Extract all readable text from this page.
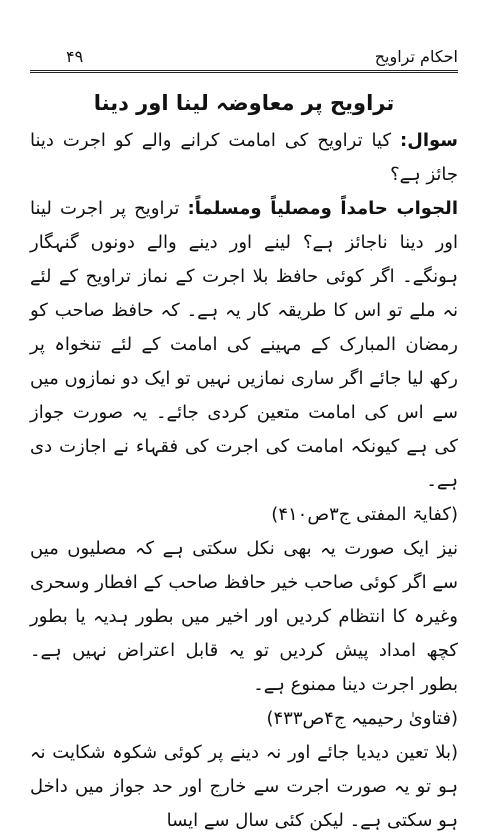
۴۹	احکام تراویح
تراویح پر معاوضہ لینا اور دینا

سوال: کیا تراویح کی امامت کرانے والے کو اجرت دینا جائز ہے؟

الجواب حامداً ومصلیاً ومسلماً: تراویح پر اجرت لینا اور دینا ناجائز ہے؟ لینے اور دینے والے دونوں گنہگار ہونگے۔ اگر کوئی حافظ بلا اجرت کے نماز تراویح کے لئے نہ ملے تو اس کا طریقہ کار یہ ہے۔ کہ حافظ صاحب کو رمضان المبارک کے مہینے کی امامت کے لئے تنخواہ پر رکھ لیا جائے اگر ساری نمازیں نہیں تو ایک دو نمازوں میں سے اس کی امامت متعین کردی جائے۔ یہ صورت جواز کی ہے کیونکہ امامت کی اجرت کی فقہاء نے اجازت دی ہے۔

(کفایۃ المفتی ج۳ص۴۱۰)

نیز ایک صورت یہ بھی نکل سکتی ہے کہ مصلیوں میں سے اگر کوئی صاحب خیر حافظ صاحب کے افطار وسحری وغیرہ کا انتظام کردیں اور اخیر میں بطور ہدیہ یا بطور کچھ امداد پیش کردیں تو یہ قابل اعتراض نہیں ہے۔ بطور اجرت دینا ممنوع ہے۔

(فتاویٰ رحیمیہ ج۴ص۴۳۳)

(بلا تعین دیدیا جائے اور نہ دینے پر کوئی شکوہ شکایت نہ ہو تو یہ صورت اجرت سے خارج اور حد جواز میں داخل ہو سکتی ہے۔ لیکن کئی سال سے ایسا
